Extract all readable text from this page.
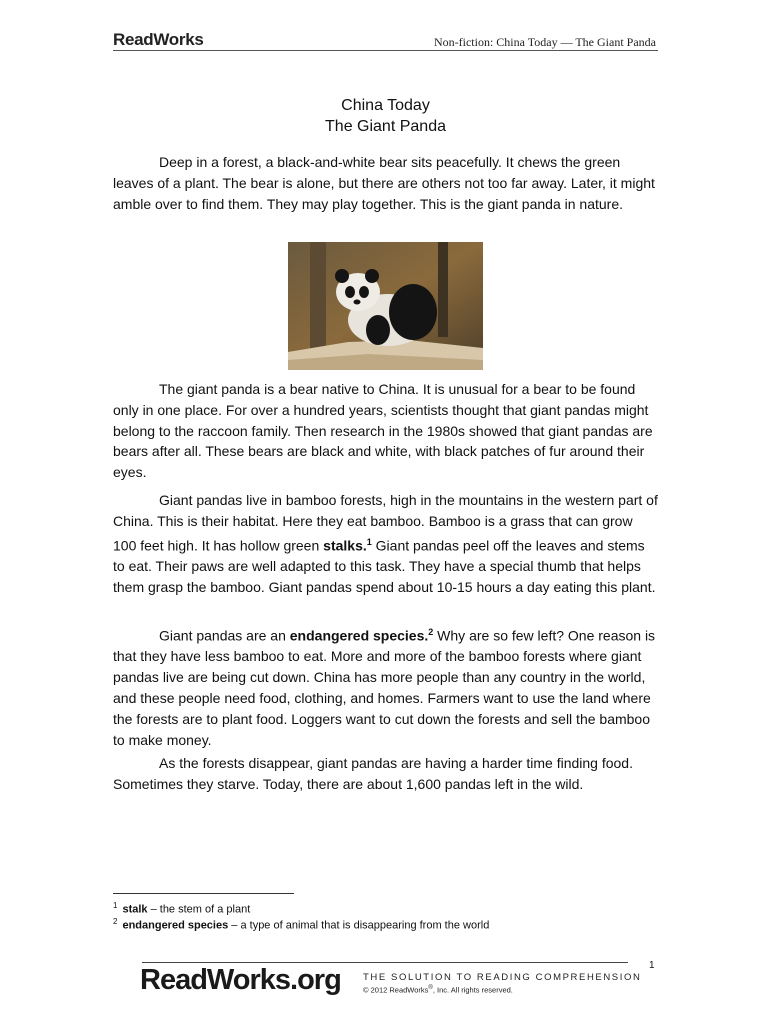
ReadWorks	Non-fiction: China Today — The Giant Panda
China Today
The Giant Panda

Deep in a forest, a black-and-white bear sits peacefully. It chews the green leaves of a plant. The bear is alone, but there are others not too far away. Later, it might amble over to find them. They may play together. This is the giant panda in nature.

The giant panda is a bear native to China. It is unusual for a bear to be found only in one place. For over a hundred years, scientists thought that giant pandas might belong to the raccoon family. Then research in the 1980s showed that giant pandas are bears after all. These bears are black and white, with black patches of fur around their eyes.

Giant pandas live in bamboo forests, high in the mountains in the western part of China. This is their habitat. Here they eat bamboo. Bamboo is a grass that can grow 100 feet high. It has hollow green stalks.$^1$ Giant pandas peel off the leaves and stems to eat. Their paws are well adapted to this task. They have a special thumb that helps them grasp the bamboo. Giant pandas spend about 10-15 hours a day eating this plant.

Giant pandas are an endangered species.$^2$ Why are so few left? One reason is that they have less bamboo to eat. More and more of the bamboo forests where giant pandas live are being cut down. China has more people than any country in the world, and these people need food, clothing, and homes. Farmers want to use the land where the forests are to plant food. Loggers want to cut down the forests and sell the bamboo to make money.

As the forests disappear, giant pandas are having a harder time finding food. Sometimes they starve. Today, there are about 1,600 pandas left in the wild.

$^1$ stalk – the stem of a plant
$^2$ endangered species – a type of animal that is disappearing from the world
1
ReadWorks.org THE SOLUTION TO READING COMPREHENSION
© 2012 ReadWorks®, Inc. All rights reserved.
